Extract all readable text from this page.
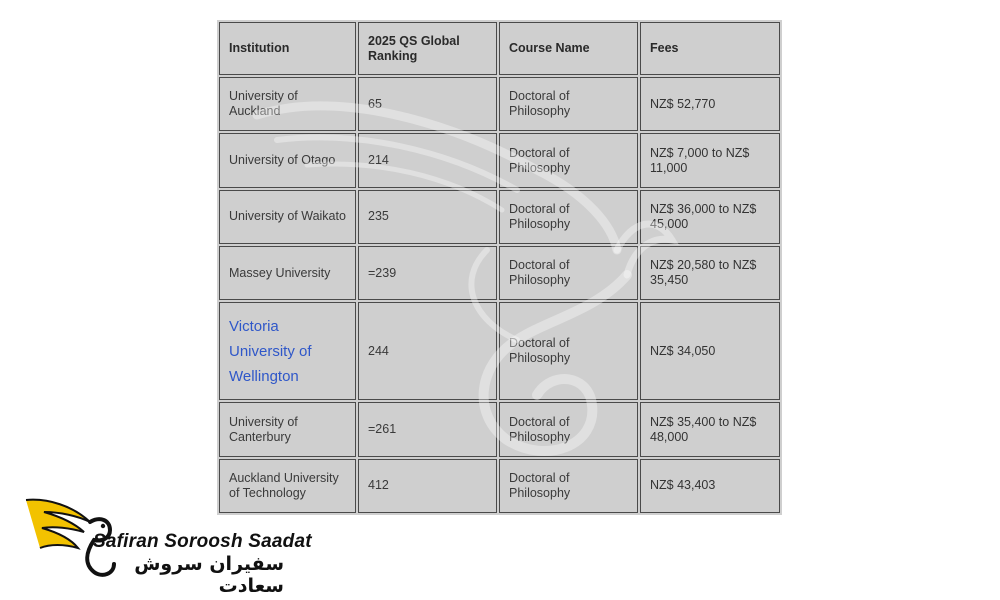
Institution	2025 QS Global Ranking	Course Name	Fees
University of Auckland	65	Doctoral of Philosophy	NZ$ 52,770
University of Otago	214	Doctoral of Philosophy	NZ$ 7,000 to NZ$ 11,000
University of Waikato	235	Doctoral of Philosophy	NZ$ 36,000 to NZ$ 45,000
Massey University	=239	Doctoral of Philosophy	NZ$ 20,580 to NZ$ 35,450
Victoria University of Wellington	244	Doctoral of Philosophy	NZ$ 34,050
University of Canterbury	=261	Doctoral of Philosophy	NZ$ 35,400 to NZ$ 48,000
Auckland University of Technology	412	Doctoral of Philosophy	NZ$ 43,403
Safiran Soroosh Saadat
سفیران سروش سعادت
